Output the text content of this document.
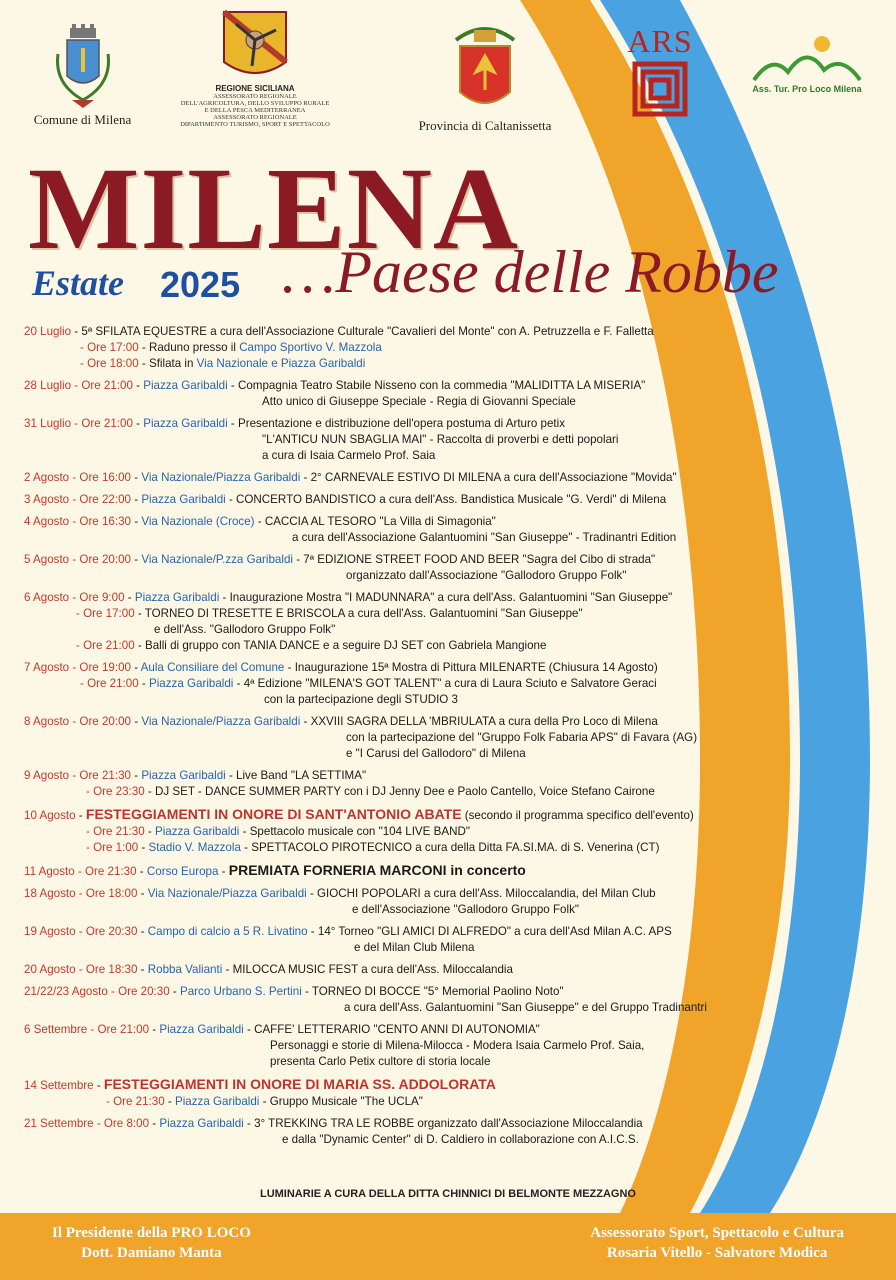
Comune di Milena
REGIONE SICILIANA
ASSESSORATO REGIONALE
DELL'AGRICOLTURA, DELLO SVILUPPO RURALE
E DELLA PESCA MEDITERRANEA
ASSESSORATO REGIONALE
DIPARTIMENTO TURISMO, SPORT E SPETTACOLO	Provincia di Caltanissetta
ARS
Ass. Tur. Pro Loco Milena
MILENA
Estate 2025 …Paese delle Robbe
20 Luglio - 5ª SFILATA EQUESTRE a cura dell'Associazione Culturale "Cavalieri del Monte" con A. Petruzzella e F. Falletta
- Ore 17:00 - Raduno presso il Campo Sportivo V. Mazzola
- Ore 18:00 - Sfilata in Via Nazionale e Piazza Garibaldi
28 Luglio - Ore 21:00 - Piazza Garibaldi - Compagnia Teatro Stabile Nisseno con la commedia "MALIDITTA LA MISERIA"
Atto unico di Giuseppe Speciale - Regia di Giovanni Speciale
31 Luglio - Ore 21:00 - Piazza Garibaldi - Presentazione e distribuzione dell'opera postuma di Arturo petix
"L'ANTICU NUN SBAGLIA MAI" - Raccolta di proverbi e detti popolari
a cura di Isaia Carmelo Prof. Saia
2 Agosto - Ore 16:00 - Via Nazionale/Piazza Garibaldi - 2° CARNEVALE ESTIVO DI MILENA a cura dell'Associazione "Movida"
3 Agosto - Ore 22:00 - Piazza Garibaldi - CONCERTO BANDISTICO a cura dell'Ass. Bandistica Musicale "G. Verdi" di Milena
4 Agosto - Ore 16:30 - Via Nazionale (Croce) - CACCIA AL TESORO "La Villa di Simagonia"
a cura dell'Associazione Galantuomini "San Giuseppe" - Tradinantri Edition
5 Agosto - Ore 20:00 - Via Nazionale/P.zza Garibaldi - 7ª EDIZIONE STREET FOOD AND BEER "Sagra del Cibo di strada"
organizzato dall'Associazione "Gallodoro Gruppo Folk"
6 Agosto - Ore 9:00 - Piazza Garibaldi - Inaugurazione Mostra "I MADUNNARA" a cura dell'Ass. Galantuomini "San Giuseppe"
- Ore 17:00 - TORNEO DI TRESETTE E BRISCOLA a cura dell'Ass. Galantuomini "San Giuseppe"
e dell'Ass. "Gallodoro Gruppo Folk"
- Ore 21:00 - Balli di gruppo con TANIA DANCE e a seguire DJ SET con Gabriela Mangione
7 Agosto - Ore 19:00 - Aula Consiliare del Comune - Inaugurazione 15ª Mostra di Pittura MILENARTE (Chiusura 14 Agosto)
- Ore 21:00 - Piazza Garibaldi - 4ª Edizione "MILENA'S GOT TALENT" a cura di Laura Sciuto e Salvatore Geraci
con la partecipazione degli STUDIO 3
8 Agosto - Ore 20:00 - Via Nazionale/Piazza Garibaldi - XXVIII SAGRA DELLA 'MBRIULATA a cura della Pro Loco di Milena
con la partecipazione del "Gruppo Folk Fabaria APS" di Favara (AG)
e "I Carusi del Gallodoro" di Milena
9 Agosto - Ore 21:30 - Piazza Garibaldi - Live Band "LA SETTIMA"
- Ore 23:30 - DJ SET - DANCE SUMMER PARTY con i DJ Jenny Dee e Paolo Cantello, Voice Stefano Cairone
10 Agosto - FESTEGGIAMENTI IN ONORE DI SANT'ANTONIO ABATE (secondo il programma specifico dell'evento)
- Ore 21:30 - Piazza Garibaldi - Spettacolo musicale con "104 LIVE BAND"
- Ore 1:00 - Stadio V. Mazzola - SPETTACOLO PIROTECNICO a cura della Ditta FA.SI.MA. di S. Venerina (CT)
11 Agosto - Ore 21:30 - Corso Europa - PREMIATA FORNERIA MARCONI in concerto
18 Agosto - Ore 18:00 - Via Nazionale/Piazza Garibaldi - GIOCHI POPOLARI a cura dell'Ass. Miloccalandia, del Milan Club
e dell'Associazione "Gallodoro Gruppo Folk"
19 Agosto - Ore 20:30 - Campo di calcio a 5 R. Livatino - 14° Torneo "GLI AMICI DI ALFREDO" a cura dell'Asd Milan A.C. APS
e del Milan Club Milena
20 Agosto - Ore 18:30 - Robba Valianti - MILOCCA MUSIC FEST a cura dell'Ass. Miloccalandia
21/22/23 Agosto - Ore 20:30 - Parco Urbano S. Pertini - TORNEO DI BOCCE "5° Memorial Paolino Noto"
a cura dell'Ass. Galantuomini "San Giuseppe" e del Gruppo Tradinantri
6 Settembre - Ore 21:00 - Piazza Garibaldi - CAFFE' LETTERARIO "CENTO ANNI DI AUTONOMIA"
Personaggi e storie di Milena-Milocca - Modera Isaia Carmelo Prof. Saia,
presenta Carlo Petix cultore di storia locale
14 Settembre - FESTEGGIAMENTI IN ONORE DI MARIA SS. ADDOLORATA
- Ore 21:30 - Piazza Garibaldi - Gruppo Musicale "The UCLA"
21 Settembre - Ore 8:00 - Piazza Garibaldi - 3° TREKKING TRA LE ROBBE organizzato dall'Associazione Miloccalandia
e dalla "Dynamic Center" di D. Caldiero in collaborazione con A.I.C.S.
LUMINARIE A CURA DELLA DITTA CHINNICI DI BELMONTE MEZZAGNO
Il Presidente della PRO LOCO
Dott. Damiano Manta
Assessorato Sport, Spettacolo e Cultura
Rosaria Vitello - Salvatore Modica
